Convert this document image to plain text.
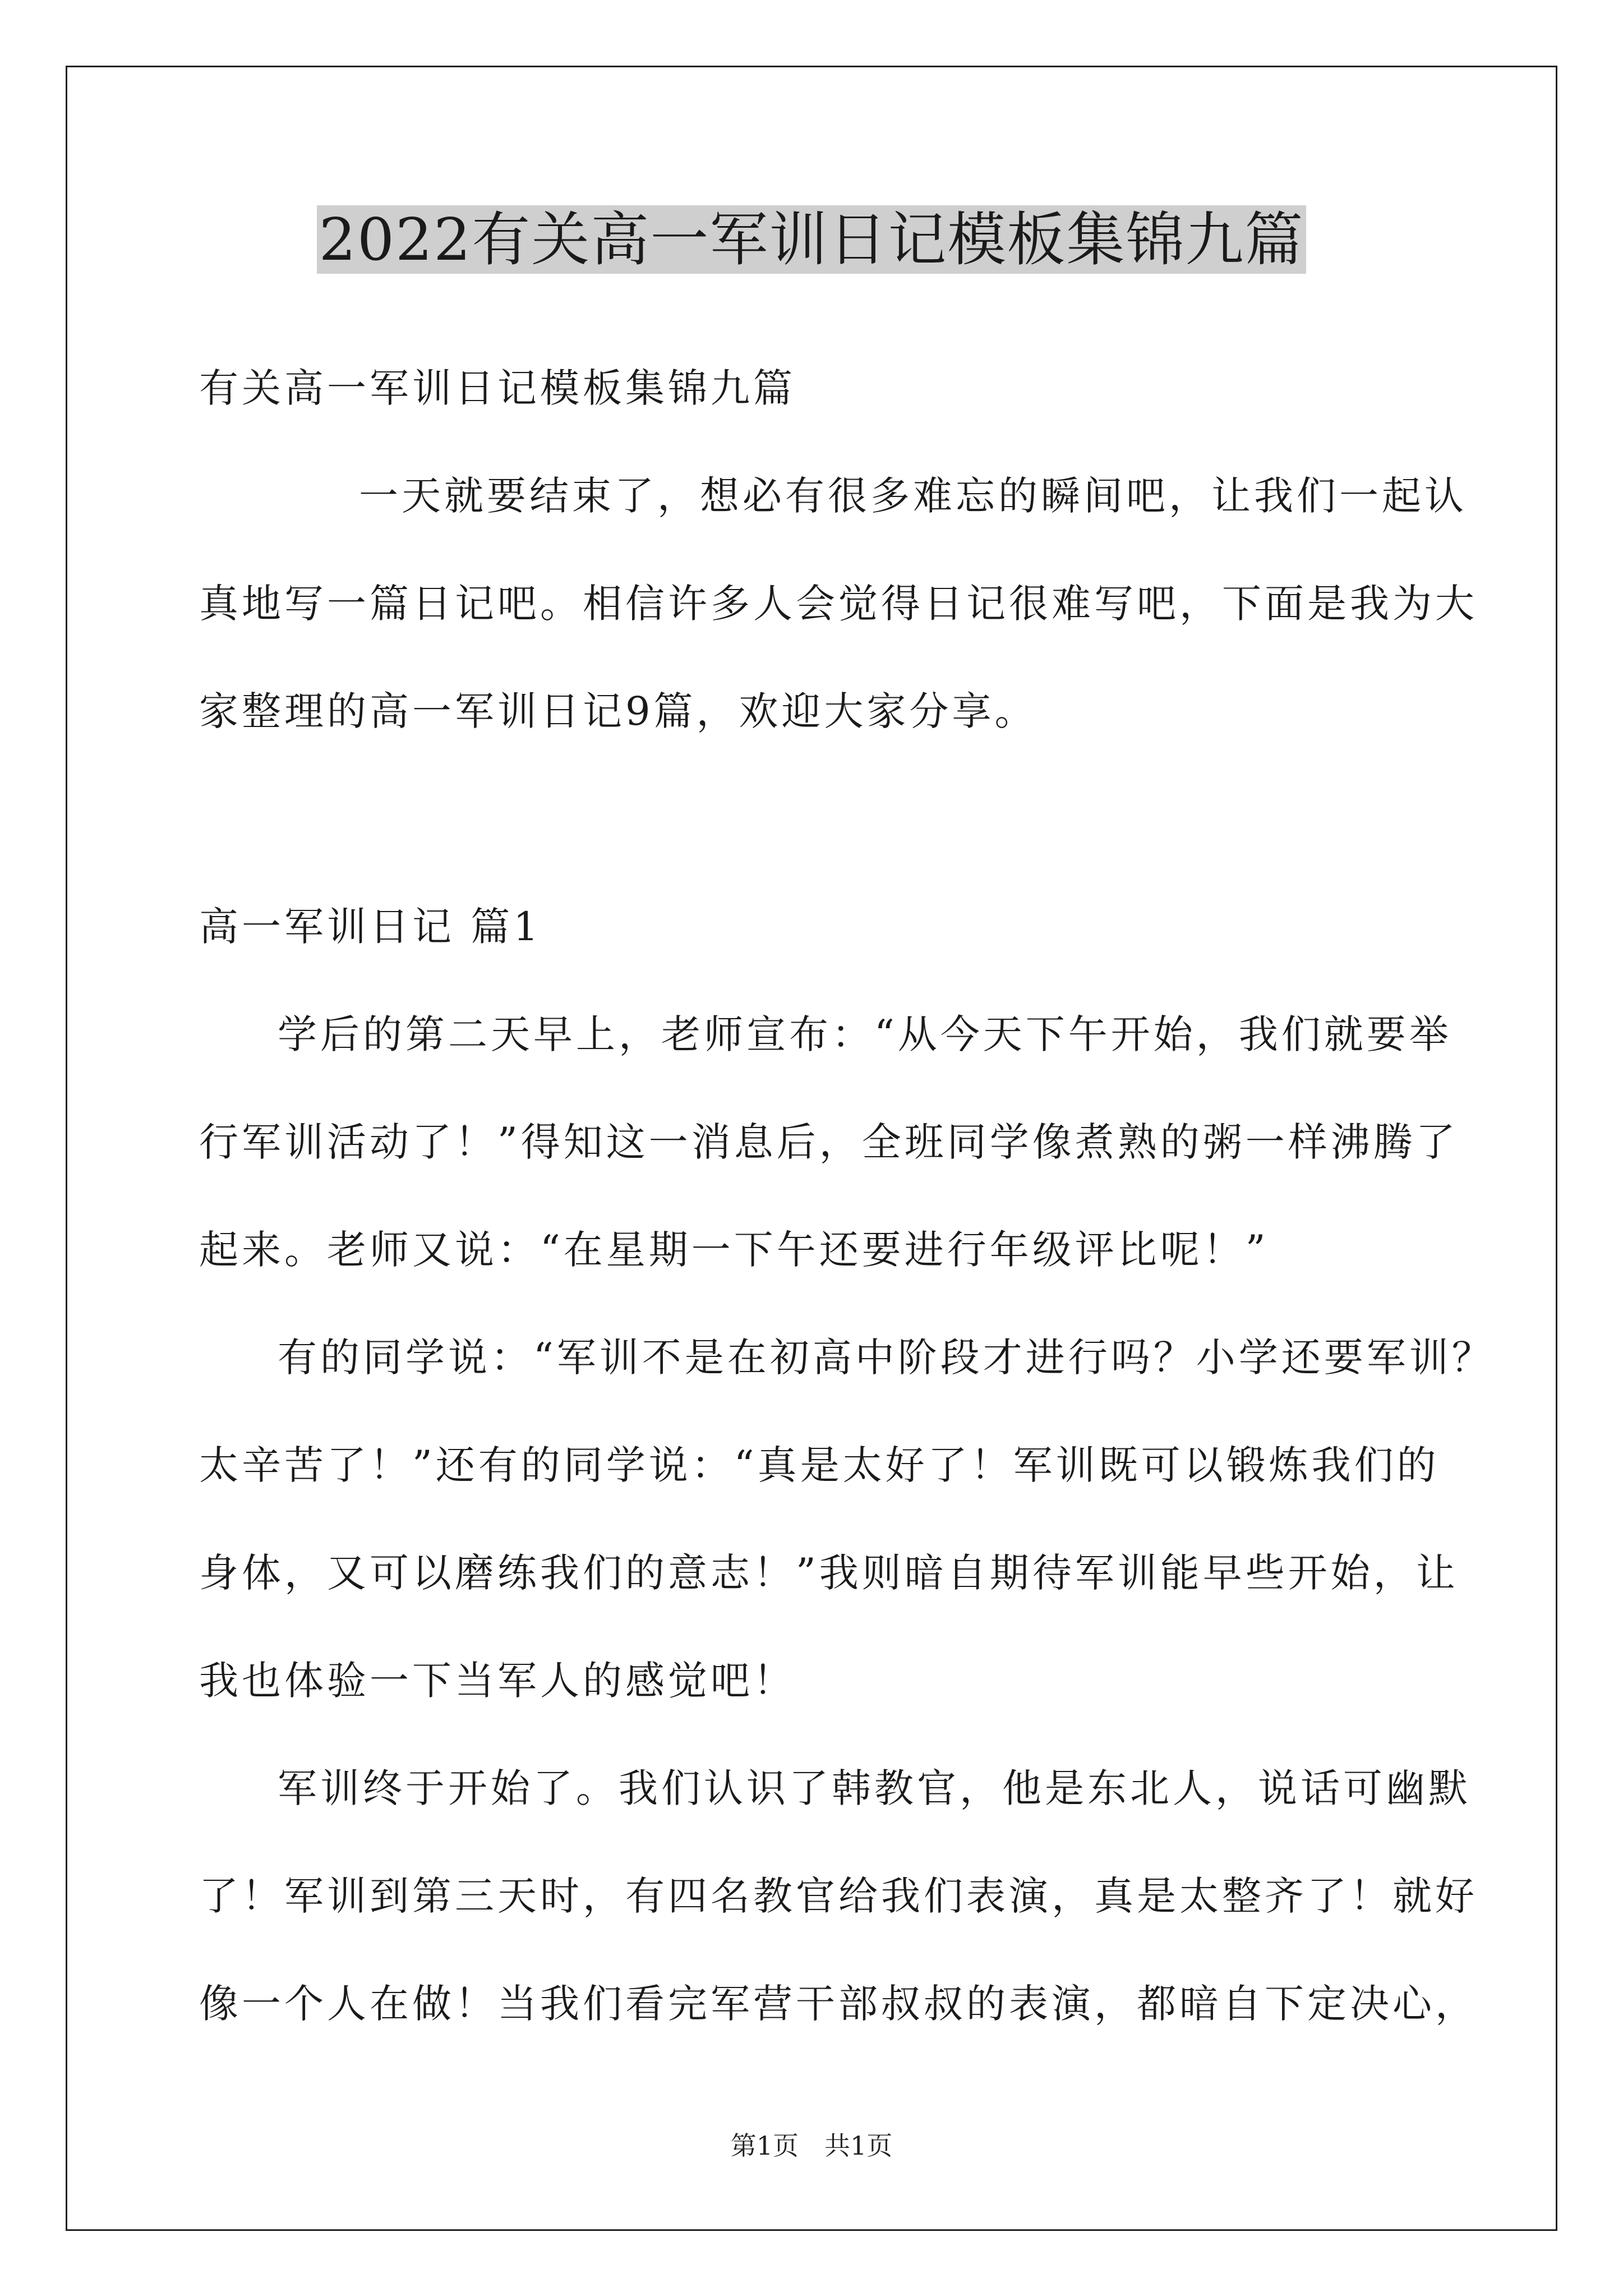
2022有关高一军训日记模板集锦九篇
有关高一军训日记模板集锦九篇
一天就要结束了，想必有很多难忘的瞬间吧，让我们一起认
真地写一篇日记吧。相信许多人会觉得日记很难写吧，下面是我为大
家整理的高一军训日记9篇，欢迎大家分享。
高一军训日记 篇1
学后的第二天早上，老师宣布：“从今天下午开始，我们就要举
行军训活动了！”得知这一消息后，全班同学像煮熟的粥一样沸腾了
起来。老师又说：“在星期一下午还要进行年级评比呢！”
有的同学说：“军训不是在初高中阶段才进行吗？小学还要军训？
太辛苦了！”还有的同学说：“真是太好了！军训既可以锻炼我们的
身体，又可以磨练我们的意志！”我则暗自期待军训能早些开始，让
我也体验一下当军人的感觉吧！
军训终于开始了。我们认识了韩教官，他是东北人，说话可幽默
了！军训到第三天时，有四名教官给我们表演，真是太整齐了！就好
像一个人在做！当我们看完军营干部叔叔的表演，都暗自下定决心，
第1页　共1页
